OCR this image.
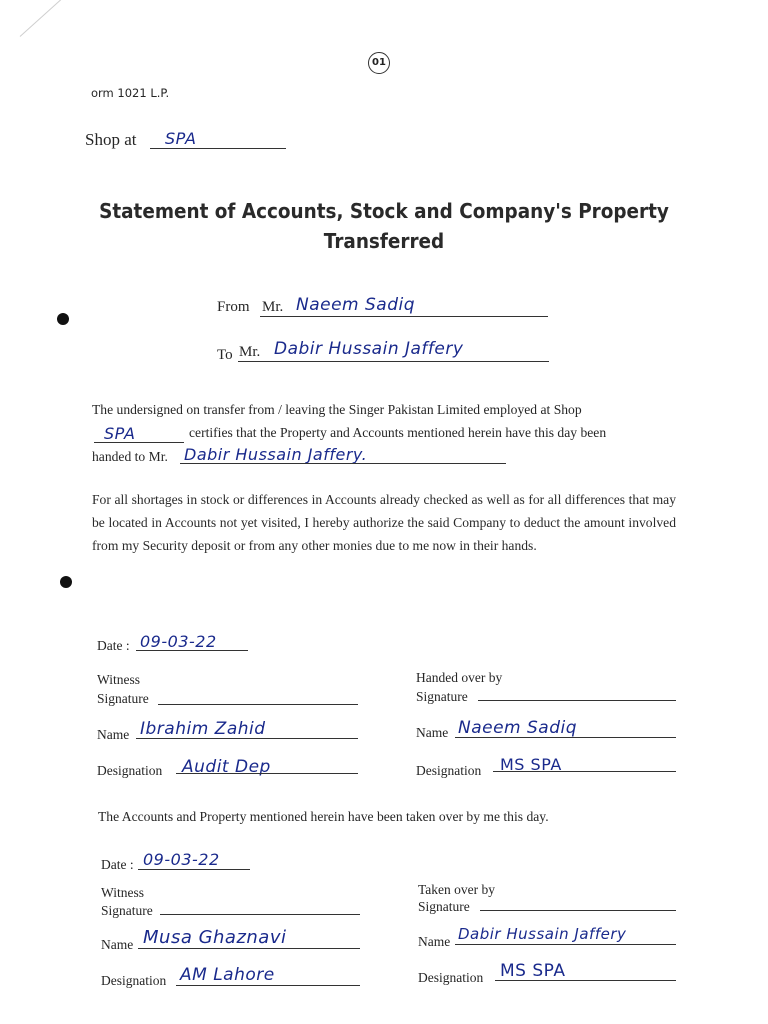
01
orm 1021 L.P.
Shop at SPA
Statement of Accounts, Stock and Company's Property
Transferred
From Mr. Naeem Sadiq
To Mr. Dabir Hussain Jaffery
The undersigned on transfer from / leaving the Singer Pakistan Limited employed at Shop
SPA	certifies that the Property and Accounts mentioned herein have this day been
handed to Mr. Dabir Hussain Jaffery.

For all shortages in stock or differences in Accounts already checked as well as for all differences that may be located in Accounts not yet visited, I hereby authorize the said Company to deduct the amount involved from my Security deposit or from any other monies due to me now in their hands.

Date : 09-03-22
Witness
Signature
Name Ibrahim Zahid
Designation Audit Dep
Handed over by
Signature
Name Naeem Sadiq
Designation MS SPA
The Accounts and Property mentioned herein have been taken over by me this day.
Date : 09-03-22
Witness
Signature
Name Musa Ghaznavi
Designation AM Lahore
Taken over by
Signature
Name Dabir Hussain Jaffery
Designation MS SPA
